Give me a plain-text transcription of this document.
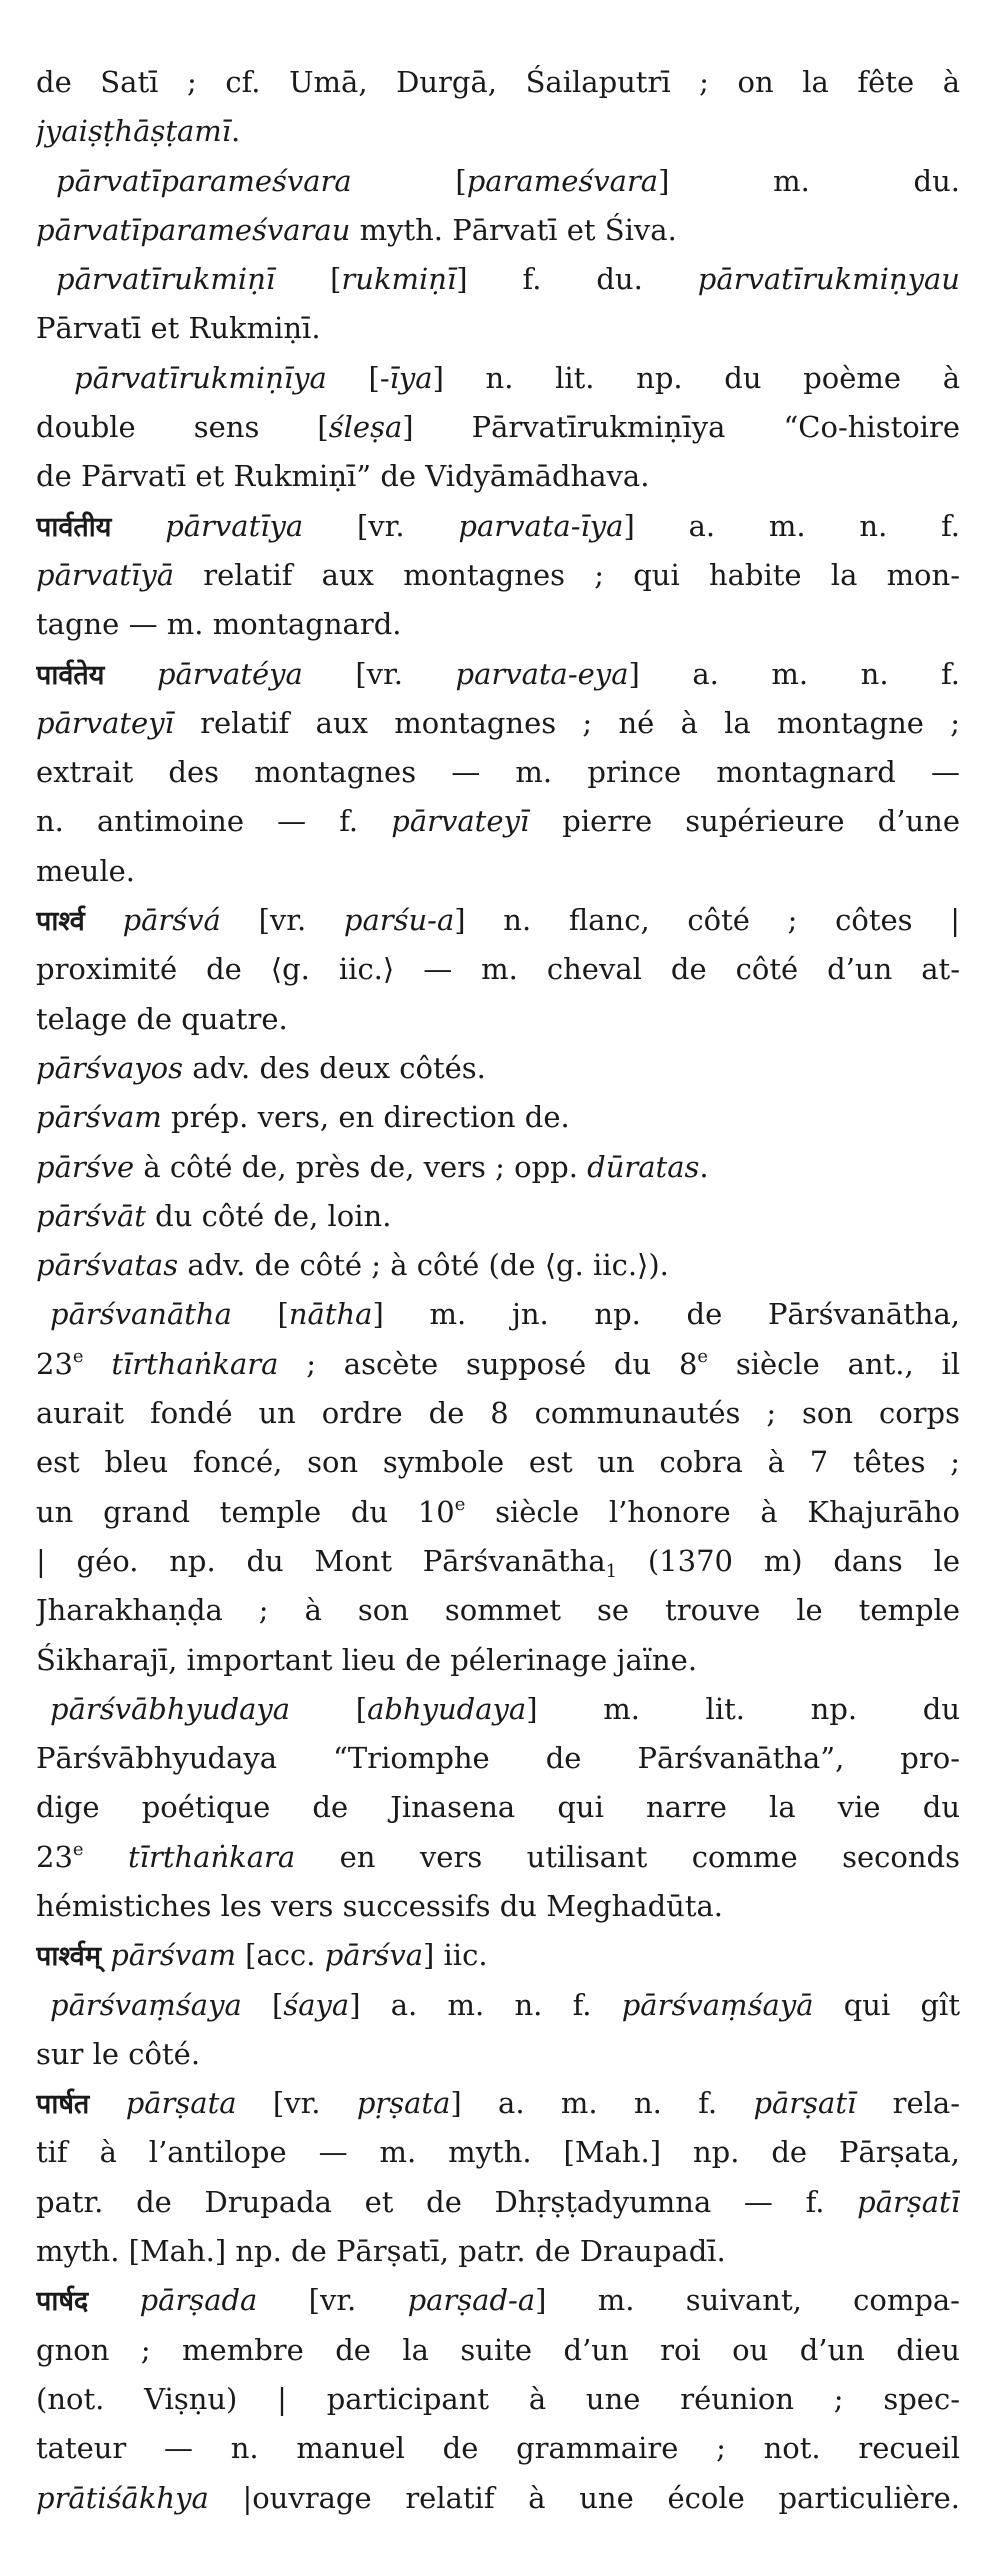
de Satī ; cf. Umā, Durgā, Śailaputrī ; on la fête à
jyaiṣṭhāṣṭamī.
pārvatīparameśvara [parameśvara] m. du.
pārvatīparameśvarau myth. Pārvatī et Śiva.
pārvatīrukmiṇī [rukmiṇī] f. du. pārvatīrukmiṇyau
Pārvatī et Rukmiṇī.
pārvatīrukmiṇīya [-īya] n. lit. np. du poème à
double sens [śleṣa] Pārvatīrukmiṇīya “Co-histoire
de Pārvatī et Rukmiṇī” de Vidyāmādhava.
पार्वतीय pārvatīya [vr. parvata-īya] a. m. n. f.
pārvatīyā relatif aux montagnes ; qui habite la mon-
tagne — m. montagnard.
पार्वतेय pārvatéya [vr. parvata-eya] a. m. n. f.
pārvateyī relatif aux montagnes ; né à la montagne ;
extrait des montagnes — m. prince montagnard —
n. antimoine — f. pārvateyī pierre supérieure d’une
meule.
पार्श्व pārśvá [vr. parśu-a] n. flanc, côté ; côtes |
proximité de ⟨g. iic.⟩ — m. cheval de côté d’un at-
telage de quatre.
pārśvayos adv. des deux côtés.
pārśvam prép. vers, en direction de.
pārśve à côté de, près de, vers ; opp. dūratas.
pārśvāt du côté de, loin.
pārśvatas adv. de côté ; à côté (de ⟨g. iic.⟩).
pārśvanātha [nātha] m. jn. np. de Pārśvanātha,
23e tīrthaṅkara ; ascète supposé du 8e siècle ant., il
aurait fondé un ordre de 8 communautés ; son corps
est bleu foncé, son symbole est un cobra à 7 têtes ;
un grand temple du 10e siècle l’honore à Khajurāho
| géo. np. du Mont Pārśvanātha$_1$ (1370 m) dans le
Jharakhaṇḍa ; à son sommet se trouve le temple
Śikharajī, important lieu de pélerinage jaïne.
pārśvābhyudaya [abhyudaya] m. lit. np. du
Pārśvābhyudaya “Triomphe de Pārśvanātha”, pro-
dige poétique de Jinasena qui narre la vie du
23e tīrthaṅkara en vers utilisant comme seconds
hémistiches les vers successifs du Meghadūta.
पार्श्वम् pārśvam [acc. pārśva] iic.
pārśvaṃśaya [śaya] a. m. n. f. pārśvaṃśayā qui gît
sur le côté.
पार्षत pārṣata [vr. pṛṣata] a. m. n. f. pārṣatī rela-
tif à l’antilope — m. myth. [Mah.] np. de Pārṣata,
patr. de Drupada et de Dhṛṣṭadyumna — f. pārṣatī
myth. [Mah.] np. de Pārṣatī, patr. de Draupadī.
पार्षद pārṣada [vr. parṣad-a] m. suivant, compa-
gnon ; membre de la suite d’un roi ou d’un dieu
(not. Viṣṇu) | participant à une réunion ; spec-
tateur — n. manuel de grammaire ; not. recueil
prātiśākhya |ouvrage relatif à une école particulière.
